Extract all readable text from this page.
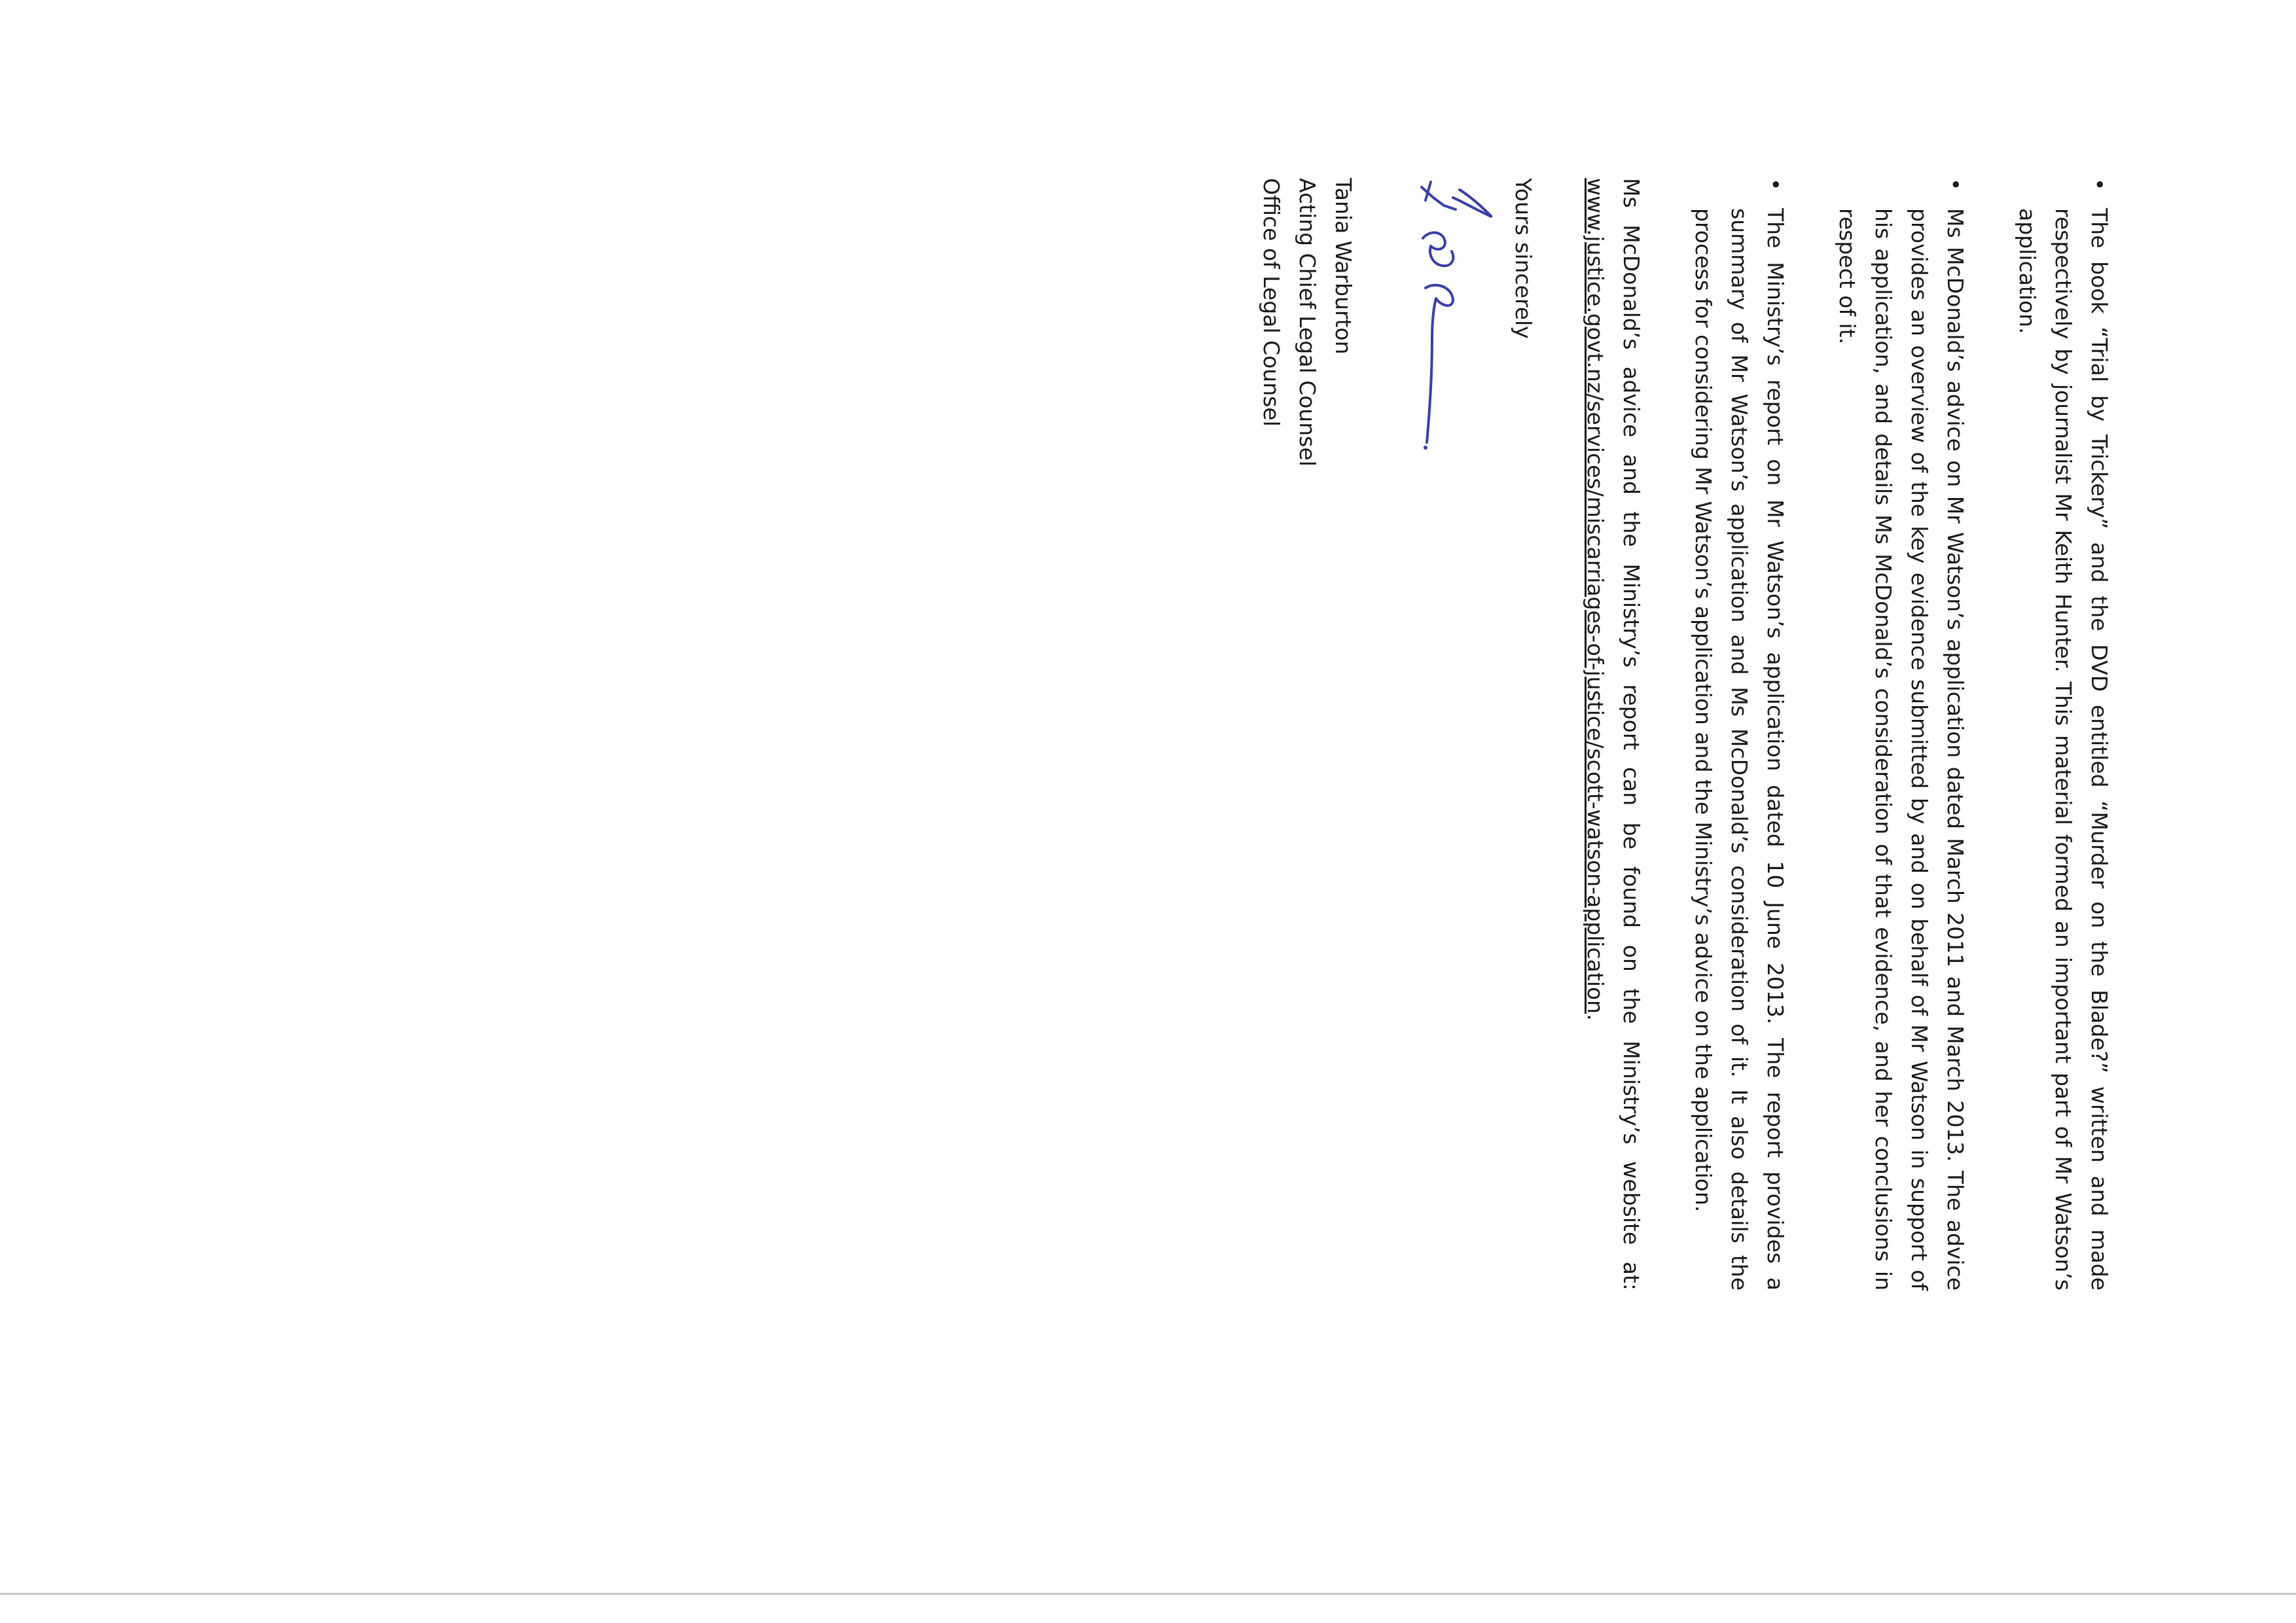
•
The book “Trial by Trickery” and the DVD entitled “Murder on the Blade?” written and made respectively by journalist Mr Keith Hunter. This material formed an important part of Mr Watson’s application.
•
Ms McDonald’s advice on Mr Watson’s application dated March 2011 and March 2013. The advice provides an overview of the key evidence submitted by and on behalf of Mr Watson in support of his application, and details Ms McDonald’s consideration of that evidence, and her conclusions in respect of it.
•
The Ministry’s report on Mr Watson’s application dated 10 June 2013. The report provides a summary of Mr Watson’s application and Ms McDonald’s consideration of it. It also details the process for considering Mr Watson’s application and the Ministry’s advice on the application.

Ms McDonald’s advice and the Ministry’s report can be found on the Ministry’s website at: www.justice.govt.nz/services/miscarriages-of-justice/scott-watson-application.

Yours sincerely

Tania Warburton
Acting Chief Legal Counsel
Office of Legal Counsel
